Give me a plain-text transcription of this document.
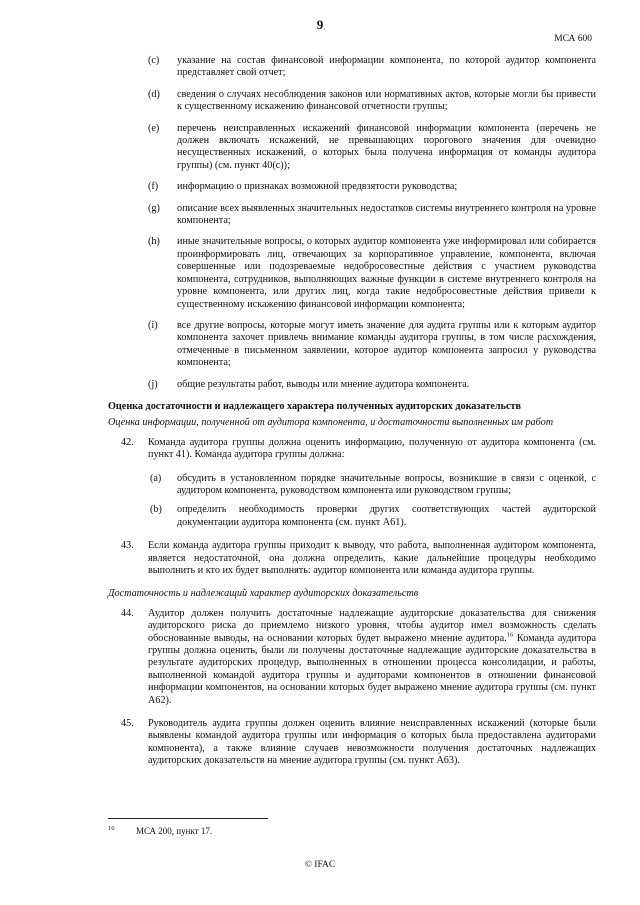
9 ·
МСА 600
(c) указание на состав финансовой информации компонента, по которой аудитор компонента представляет свой отчет;
(d) сведения о случаях несоблюдения законов или нормативных актов, которые могли бы привести к существенному искажению финансовой отчетности группы;
(e) перечень неисправленных искажений финансовой информации компонента (перечень не должен включать искажений, не превышающих порогового значения для очевидно несущественных искажений, о которых была получена информация от команды аудитора группы) (см. пункт 40(c));
(f) информацию о признаках возможной предвзятости руководства;
(g) описание всех выявленных значительных недостатков системы внутреннего контроля на уровне компонента;
(h) иные значительные вопросы, о которых аудитор компонента уже информировал или собирается проинформировать лиц, отвечающих за корпоративное управление, компонента, включая совершенные или подозреваемые недобросовестные действия с участием руководства компонента, сотрудников, выполняющих важные функции в системе внутреннего контроля на уровне компонента, или других лиц, когда такие недобросовестные действия привели к существенному искажению финансовой информации компонента;
(i) все другие вопросы, которые могут иметь значение для аудита группы или к которым аудитор компонента захочет привлечь внимание команды аудитора группы, в том числе расхождения, отмеченные в письменном заявлении, которое аудитор компонента запросил у руководства компонента;
(j) общие результаты работ, выводы или мнение аудитора компонента.
Оценка достаточности и надлежащего характера полученных аудиторских доказательств
Оценка информации, полученной от аудитора компонента, и достаточности выполненных им работ
42. Команда аудитора группы должна оценить информацию, полученную от аудитора компонента (см. пункт 41). Команда аудитора группы должна:
(a) обсудить в установленном порядке значительные вопросы, возникшие в связи с оценкой, с аудитором компонента, руководством компонента или руководством группы;
(b) определить необходимость проверки других соответствующих частей аудиторской документации аудитора компонента (см. пункт A61).
43. Если команда аудитора группы приходит к выводу, что работа, выполненная аудитором компонента, является недостаточной, она должна определить, какие дальнейшие процедуры необходимо выполнить и кто их будет выполнять: аудитор компонента или команда аудитора группы.
Достаточность и надлежащий характер аудиторских доказательств
44. Аудитор должен получить достаточные надлежащие аудиторские доказательства для снижения аудиторского риска до приемлемо низкого уровня, чтобы аудитор имел возможность сделать обоснованные выводы, на основании которых будет выражено мнение аудитора.$^{16}$ Команда аудитора группы должна оценить, были ли получены достаточные надлежащие аудиторские доказательства в результате аудиторских процедур, выполненных в отношении процесса консолидации, и работы, выполненной командой аудитора группы и аудиторами компонентов в отношении финансовой информации компонентов, на основании которых будет выражено мнение аудитора группы (см. пункт A62).
45. Руководитель аудита группы должен оценить влияние неисправленных искажений (которые были выявлены командой аудитора группы или информация о которых была предоставлена аудиторами компонента), а также влияние случаев невозможности получения достаточных надлежащих аудиторских доказательств на мнение аудитора группы (см. пункт A63).
16 МСА 200, пункт 17.
© IFAC
